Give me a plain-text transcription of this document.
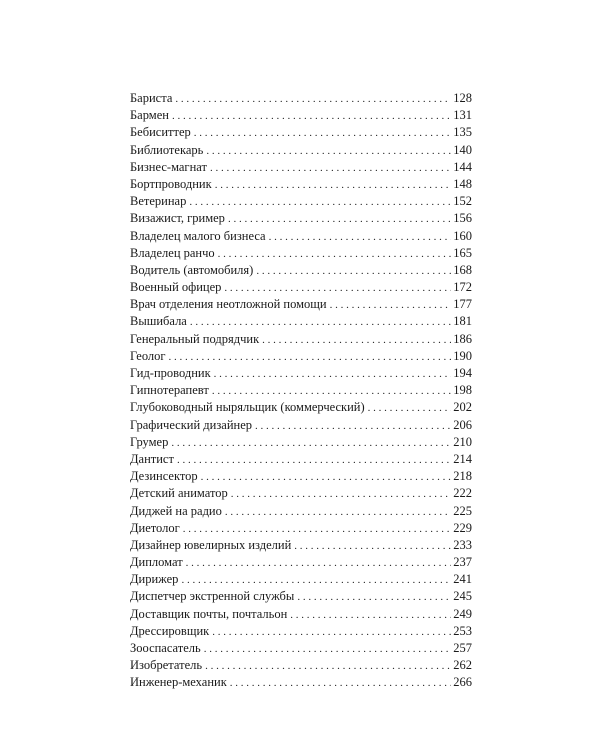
Бариста . . .	128
Бармен . . .	131
Бебиситтер . . .	135
Библиотекарь . . .	140
Бизнес-магнат . . .	144
Бортпроводник . . .	148
Ветеринар . . .	152
Визажист, гример . . .	156
Владелец малого бизнеса . . .	160
Владелец ранчо . . .	165
Водитель (автомобиля) . . .	168
Военный офицер . . .	172
Врач отделения неотложной помощи . . .	177
Вышибала . . .	181
Генеральный подрядчик . . .	186
Геолог . . .	190
Гид-проводник . . .	194
Гипнотерапевт . . .	198
Глубоководный ныряльщик (коммерческий) . . .	202
Графический дизайнер . . .	206
Грумер . . .	210
Дантист . . .	214
Дезинсектор . . .	218
Детский аниматор . . .	222
Диджей на радио . . .	225
Диетолог . . .	229
Дизайнер ювелирных изделий . . .	233
Дипломат . . .	237
Дирижер . . .	241
Диспетчер экстренной службы . . .	245
Доставщик почты, почтальон . . .	249
Дрессировщик . . .	253
Зооспасатель . . .	257
Изобретатель . . .	262
Инженер-механик . . .	266
